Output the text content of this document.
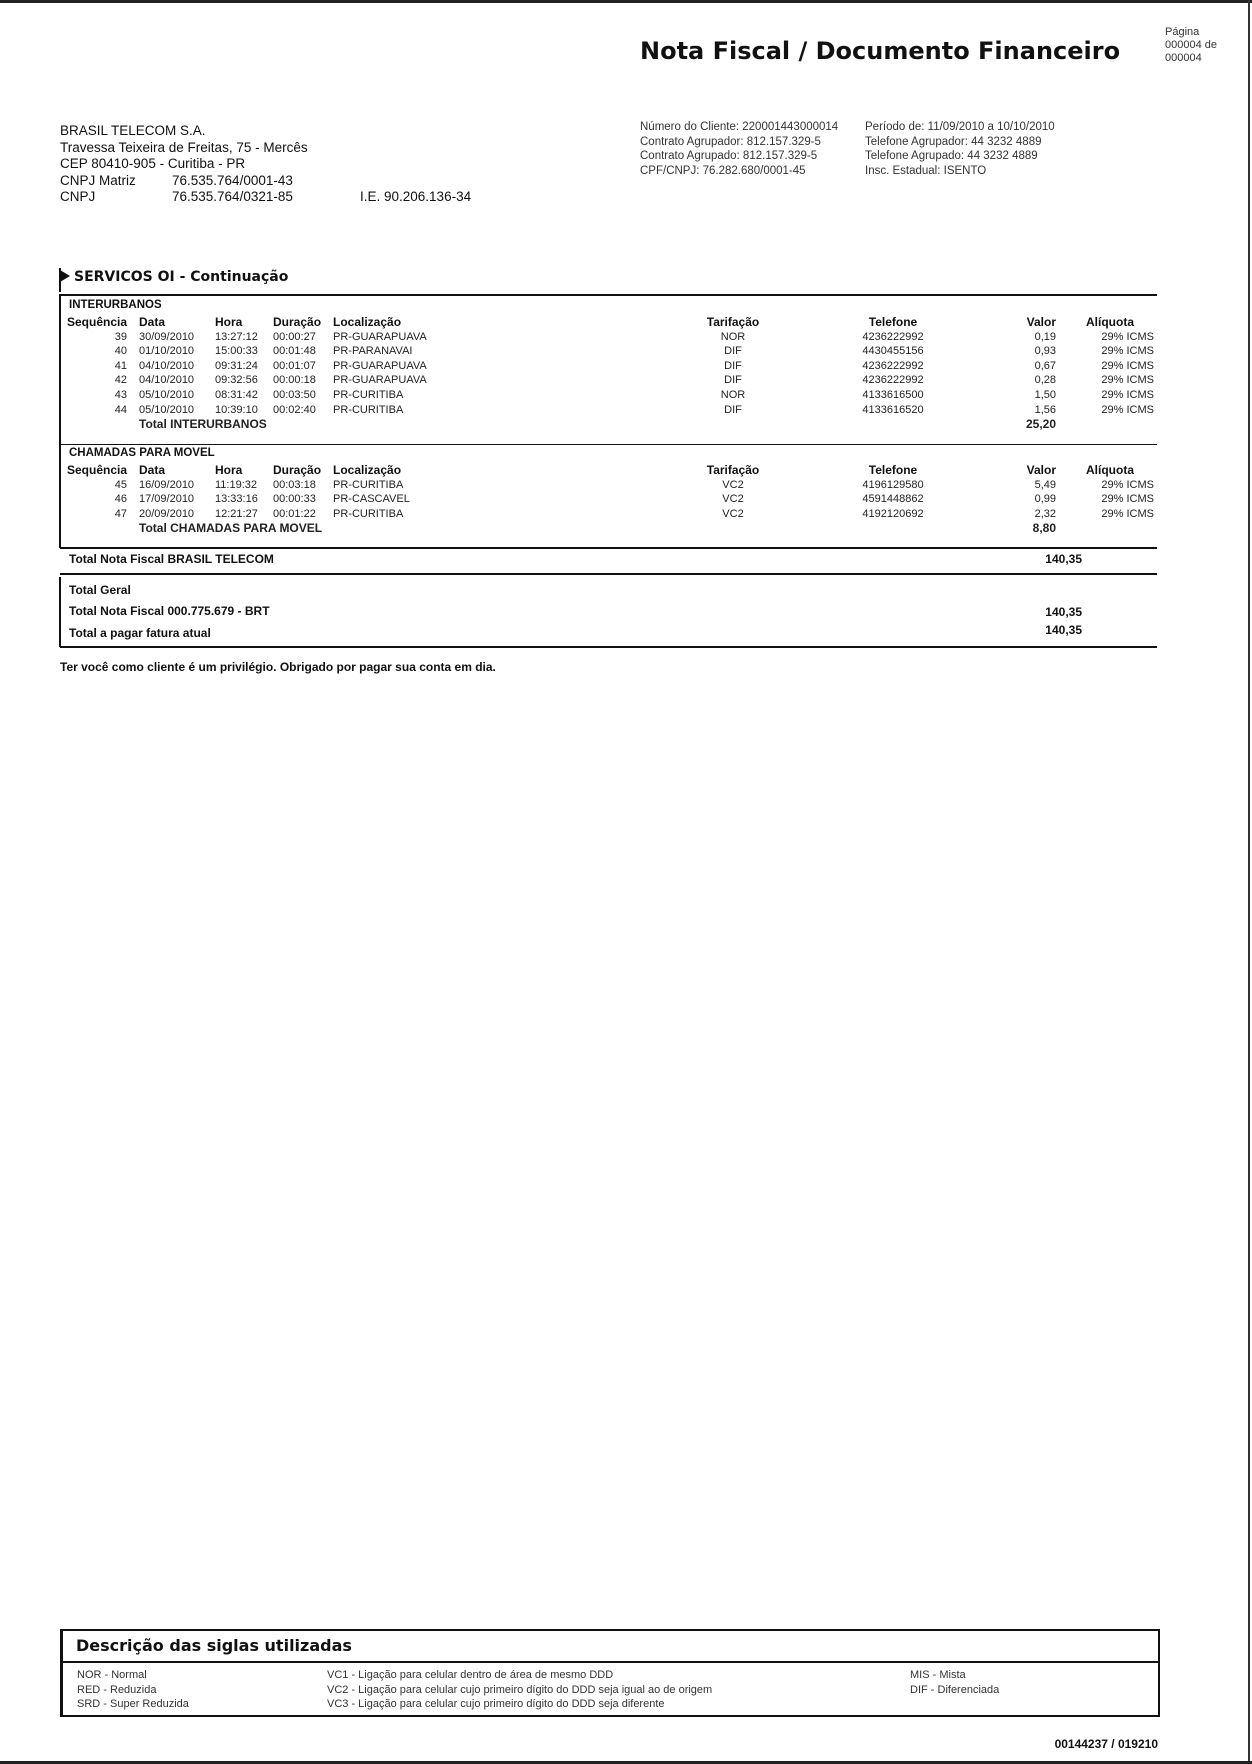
Nota Fiscal / Documento Financeiro
Página
000004 de
000004
BRASIL TELECOM S.A.
Travessa Teixeira de Freitas, 75 - Mercês
CEP 80410-905 - Curitiba - PR
CNPJ Matriz	76.535.764/0001-43
CNPJ	76.535.764/0321-85	I.E. 90.206.136-34
Número do Cliente: 220001443000014
Contrato Agrupador: 812.157.329-5
Contrato Agrupado: 812.157.329-5
CPF/CNPJ: 76.282.680/0001-45
Período de: 11/09/2010 a 10/10/2010
Telefone Agrupador: 44 3232 4889
Telefone Agrupado: 44 3232 4889
Insc. Estadual: ISENTO
SERVICOS OI - Continuação
INTERURBANOS
Sequência	Data	Hora	Duração	Localização	Tarifação	Telefone	Valor	Alíquota
39	30/09/2010	13:27:12	00:00:27	PR-GUARAPUAVA	NOR	4236222992	0,19	29% ICMS
40	01/10/2010	15:00:33	00:01:48	PR-PARANAVAI	DIF	4430455156	0,93	29% ICMS
41	04/10/2010	09:31:24	00:01:07	PR-GUARAPUAVA	DIF	4236222992	0,67	29% ICMS
42	04/10/2010	09:32:56	00:00:18	PR-GUARAPUAVA	DIF	4236222992	0,28	29% ICMS
43	05/10/2010	08:31:42	00:03:50	PR-CURITIBA	NOR	4133616500	1,50	29% ICMS
44	05/10/2010	10:39:10	00:02:40	PR-CURITIBA	DIF	4133616520	1,56	29% ICMS
	Total INTERURBANOS						25,20	
CHAMADAS PARA MOVEL
Sequência	Data	Hora	Duração	Localização	Tarifação	Telefone	Valor	Alíquota
45	16/09/2010	11:19:32	00:03:18	PR-CURITIBA	VC2	4196129580	5,49	29% ICMS
46	17/09/2010	13:33:16	00:00:33	PR-CASCAVEL	VC2	4591448862	0,99	29% ICMS
47	20/09/2010	12:21:27	00:01:22	PR-CURITIBA	VC2	4192120692	2,32	29% ICMS
	Total CHAMADAS PARA MOVEL						8,80	
Total Nota Fiscal BRASIL TELECOM	140,35
Total Geral
Total Nota Fiscal 000.775.679 - BRT	140,35
Total a pagar fatura atual	140,35
Ter você como cliente é um privilégio. Obrigado por pagar sua conta em dia.
Descrição das siglas utilizadas
NOR - Normal
RED - Reduzida
SRD - Super Reduzida
VC1 - Ligação para celular dentro de área de mesmo DDD
VC2 - Ligação para celular cujo primeiro dígito do DDD seja igual ao de origem
VC3 - Ligação para celular cujo primeiro dígito do DDD seja diferente
MIS - Mista
DIF - Diferenciada
00144237 / 019210
